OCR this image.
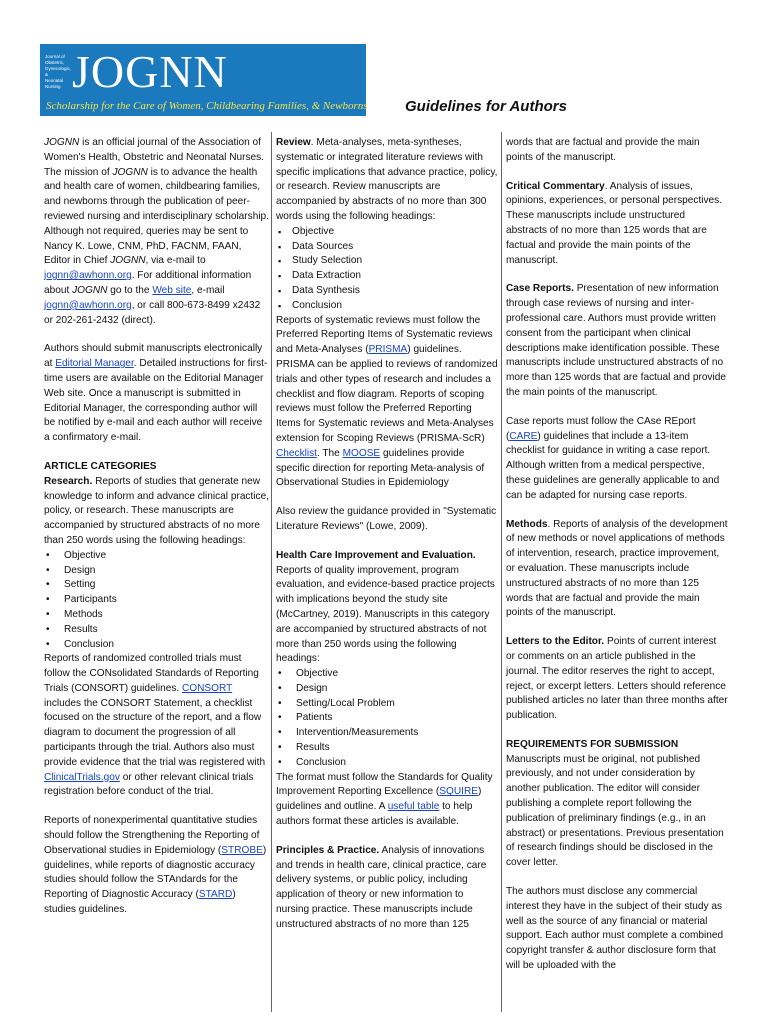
Journal of
Obstetric,
Gynecologic, &
Neonatal Nursing JOGNN
Scholarship for the Care of Women, Childbearing Families, & Newborns Guidelines for Authors

JOGNN is an official journal of the Association of Women's Health, Obstetric and Neonatal Nurses. The mission of JOGNN is to advance the health and health care of women, childbearing families, and newborns through the publication of peer-reviewed nursing and interdisciplinary scholarship. Although not required, queries may be sent to Nancy K. Lowe, CNM, PhD, FACNM, FAAN, Editor in Chief JOGNN, via e-mail to
jognn@awhonn.org. For additional information about JOGNN go to the Web site, e-mail jognn@awhonn.org, or call 800-673-8499 x2432 or 202-261-2432 (direct).

Authors should submit manuscripts electronically at Editorial Manager. Detailed instructions for first-time users are available on the Editorial Manager Web site. Once a manuscript is submitted in Editorial Manager, the corresponding author will be notified by e-mail and each author will receive a confirmatory e-mail.

ARTICLE CATEGORIES

Research. Reports of studies that generate new knowledge to inform and advance clinical practice, policy, or research. These manuscripts are accompanied by structured abstracts of no more than 250 words using the following headings:

• Objective
• Design
• Setting
• Participants
• Methods
• Results
• Conclusion

Reports of randomized controlled trials must follow the CONsolidated Standards of Reporting Trials (CONSORT) guidelines. CONSORT includes the CONSORT Statement, a checklist focused on the structure of the report, and a flow diagram to document the progression of all participants through the trial. Authors also must provide evidence that the trial was registered with ClinicalTrials.gov or other relevant clinical trials registration before conduct of the trial.

Reports of nonexperimental quantitative studies should follow the Strengthening the Reporting of Observational studies in Epidemiology (STROBE) guidelines, while reports of diagnostic accuracy studies should follow the STAndards for the Reporting of Diagnostic Accuracy (STARD) studies guidelines.

Review. Meta-analyses, meta-syntheses, systematic or integrated literature reviews with specific implications that advance practice, policy, or research. Review manuscripts are accompanied by abstracts of no more than 300 words using the following headings:

▪ Objective
▪ Data Sources
▪ Study Selection
▪ Data Extraction
▪ Data Synthesis
▪ Conclusion

Reports of systematic reviews must follow the Preferred Reporting Items of Systematic reviews and Meta-Analyses (PRISMA) guidelines. PRISMA can be applied to reviews of randomized trials and other types of research and includes a checklist and flow diagram. Reports of scoping reviews must follow the Preferred Reporting Items for Systematic reviews and Meta-Analyses extension for Scoping Reviews (PRISMA-ScR) Checklist. The MOOSE guidelines provide specific direction for reporting Meta-analysis of Observational Studies in Epidemiology

Also review the guidance provided in "Systematic Literature Reviews" (Lowe, 2009).

Health Care Improvement and Evaluation. Reports of quality improvement, program evaluation, and evidence-based practice projects with implications beyond the study site (McCartney, 2019). Manuscripts in this category are accompanied by structured abstracts of not more than 250 words using the following headings:

• Objective
• Design
• Setting/Local Problem
• Patients
• Intervention/Measurements
• Results
• Conclusion

The format must follow the Standards for Quality Improvement Reporting Excellence (SQUIRE) guidelines and outline. A useful table to help authors format these articles is available.

Principles & Practice. Analysis of innovations and trends in health care, clinical practice, care delivery systems, or public policy, including application of theory or new information to nursing practice. These manuscripts include unstructured abstracts of no more than 125

words that are factual and provide the main points of the manuscript.

Critical Commentary. Analysis of issues, opinions, experiences, or personal perspectives. These manuscripts include unstructured abstracts of no more than 125 words that are factual and provide the main points of the manuscript.

Case Reports. Presentation of new information through case reviews of nursing and inter-professional care. Authors must provide written consent from the participant when clinical descriptions make identification possible. These manuscripts include unstructured abstracts of no more than 125 words that are factual and provide the main points of the manuscript.

Case reports must follow the CAse REport (CARE) guidelines that include a 13-item checklist for guidance in writing a case report. Although written from a medical perspective, these guidelines are generally applicable to and can be adapted for nursing case reports.

Methods. Reports of analysis of the development of new methods or novel applications of methods of intervention, research, practice improvement, or evaluation. These manuscripts include unstructured abstracts of no more than 125 words that are factual and provide the main points of the manuscript.

Letters to the Editor. Points of current interest or comments on an article published in the journal. The editor reserves the right to accept, reject, or excerpt letters. Letters should reference published articles no later than three months after publication.

REQUIREMENTS FOR SUBMISSION

Manuscripts must be original, not published previously, and not under consideration by another publication. The editor will consider publishing a complete report following the publication of preliminary findings (e.g., in an abstract) or presentations. Previous presentation of research findings should be disclosed in the cover letter.

The authors must disclose any commercial interest they have in the subject of their study as well as the source of any financial or material support. Each author must complete a combined copyright transfer & author disclosure form that will be uploaded with the
